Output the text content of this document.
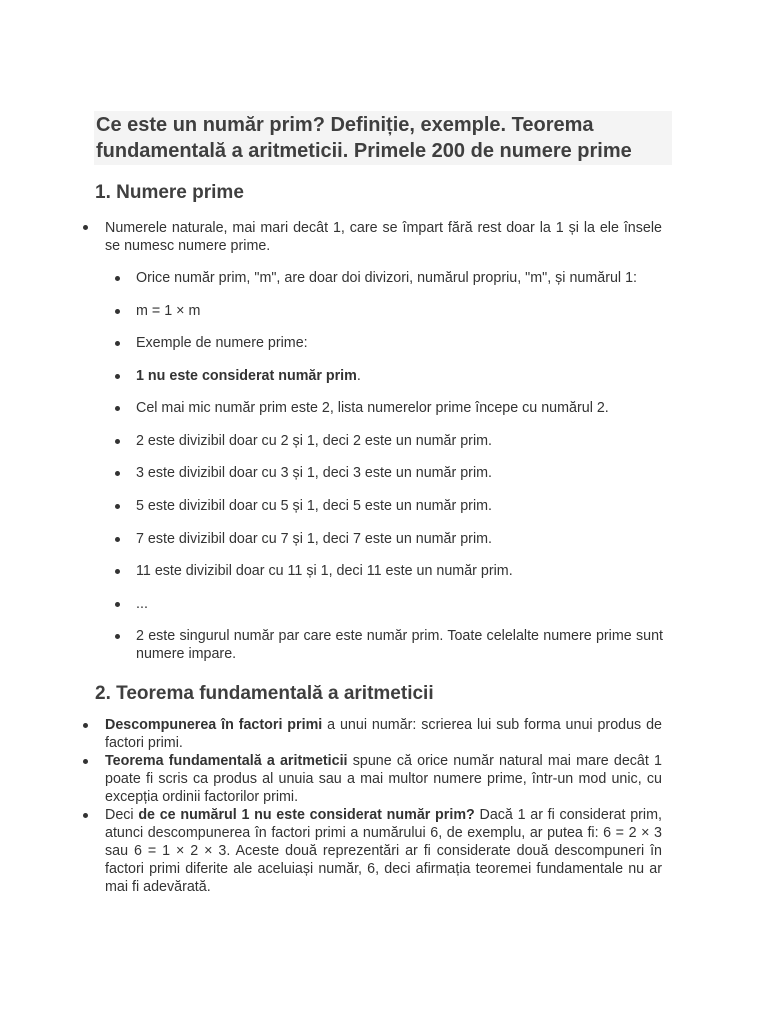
Ce este un număr prim? Definiție, exemple. Teorema
fundamentală a aritmeticii. Primele 200 de numere prime
1. Numere prime
Numerele naturale, mai mari decât 1, care se împart fără rest doar la 1 și la ele însele se numesc numere prime.
Orice număr prim, "m", are doar doi divizori, numărul propriu, "m", și numărul 1:
m = 1 × m
Exemple de numere prime:
1 nu este considerat număr prim.
Cel mai mic număr prim este 2, lista numerelor prime începe cu numărul 2.
2 este divizibil doar cu 2 și 1, deci 2 este un număr prim.
3 este divizibil doar cu 3 și 1, deci 3 este un număr prim.
5 este divizibil doar cu 5 și 1, deci 5 este un număr prim.
7 este divizibil doar cu 7 și 1, deci 7 este un număr prim.
11 este divizibil doar cu 11 și 1, deci 11 este un număr prim.
...
2 este singurul număr par care este număr prim. Toate celelalte numere prime sunt numere impare.
2. Teorema fundamentală a aritmeticii
Descompunerea în factori primi a unui număr: scrierea lui sub forma unui produs de factori primi.
Teorema fundamentală a aritmeticii spune că orice număr natural mai mare decât 1 poate fi scris ca produs al unuia sau a mai multor numere prime, într-un mod unic, cu excepția ordinii factorilor primi.
Deci de ce numărul 1 nu este considerat număr prim? Dacă 1 ar fi considerat prim, atunci descompunerea în factori primi a numărului 6, de exemplu, ar putea fi: 6 = 2 × 3 sau 6 = 1 × 2 × 3. Aceste două reprezentări ar fi considerate două descompuneri în factori primi diferite ale aceluiași număr, 6, deci afirmația teoremei fundamentale nu ar mai fi adevărată.
